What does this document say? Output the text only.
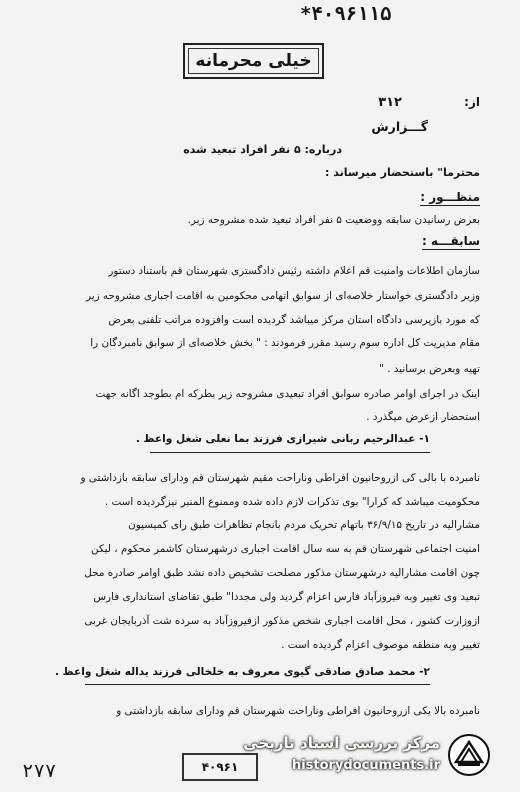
*۴۰۹۶۱۱۵
خیلی محرمانه
از:
۳۱۲
گـــزارش
درباره: ۵ نفر افراد تبعید شده
محترما" باستحضار میرساند :
منظـــور :
بعرض رسانیدن سابقه ووضعیت ۵ نفر افراد تبعید شده مشروحه زیر.
سابقـــه :
سازمان اطلاعات وامنیت قم اعلام داشته رئیس دادگستری شهرستان قم باستناد دستور
وزیر دادگستری خواستار خلاصه‌ای از سوابق اتهامی محکومین به اقامت اجباری مشروحه زیر
که مورد بازپرسی دادگاه استان مرکز میباشد گردیده است وافزوده مراتب تلفنی بعرض
مقام مدیریت کل اداره سوم رسید مقرر فرمودند : " بخش خلاصه‌ای از سوابق نامبردگان را
تهیه وبعرض برسانید . "
اینک در اجرای اوامر صادره سوابق افراد تبعیدی مشروحه زیر بطرکه ام بطوجد اگانه جهت
استحضار ازعرض میگذرد .
۱- عبدالرحیم ربانی شیرازی فرزند بما نعلی شغل واعظ .
نامبرده با بالی کی ازروحانیون افراطی وناراحت مقیم شهرستان قم ودارای سابقه بازداشتی و
محکومیت میباشد که کرارا" بوی تذکرات لازم داده شده وممنوع المنبر نیزگردیده است .
مشارالیه در تاریخ ۳۶/۹/۱۵ باتهام تحریک مردم بانجام تظاهرات طبق رای کمیسیون
امنیت اجتماعی شهرستان قم به سه سال اقامت اجباری درشهرستان کاشمر محکوم ، لیکن
چون اقامت مشارالیه درشهرستان مذکور مصلحت تشخیص داده نشد طبق اوامر صادره محل
تبعید وی تغییر وبه فیروزآباد فارس اعزام گردید ولی مجددا" طبق تقاضای استانداری فارس
ازوزارت کشور ، محل اقامت اجباری شخص مذکور ازفیروزآباد به سرده شت آذربایجان غربی
تغییر وبه منطقه موصوف اعزام گردیده است .
۲- محمد صادق صادقی گیوی معروف به خلخالی فرزند یداله شغل واعظ .
نامبرده بالا یکی ازروحانیون افراطی وناراحت شهرستان قم ودارای سابقه بازداشتی و
۲۷۷	۴۰۹۶۱
مرکز بررسی اسناد تاریخی
historydocuments.ir
